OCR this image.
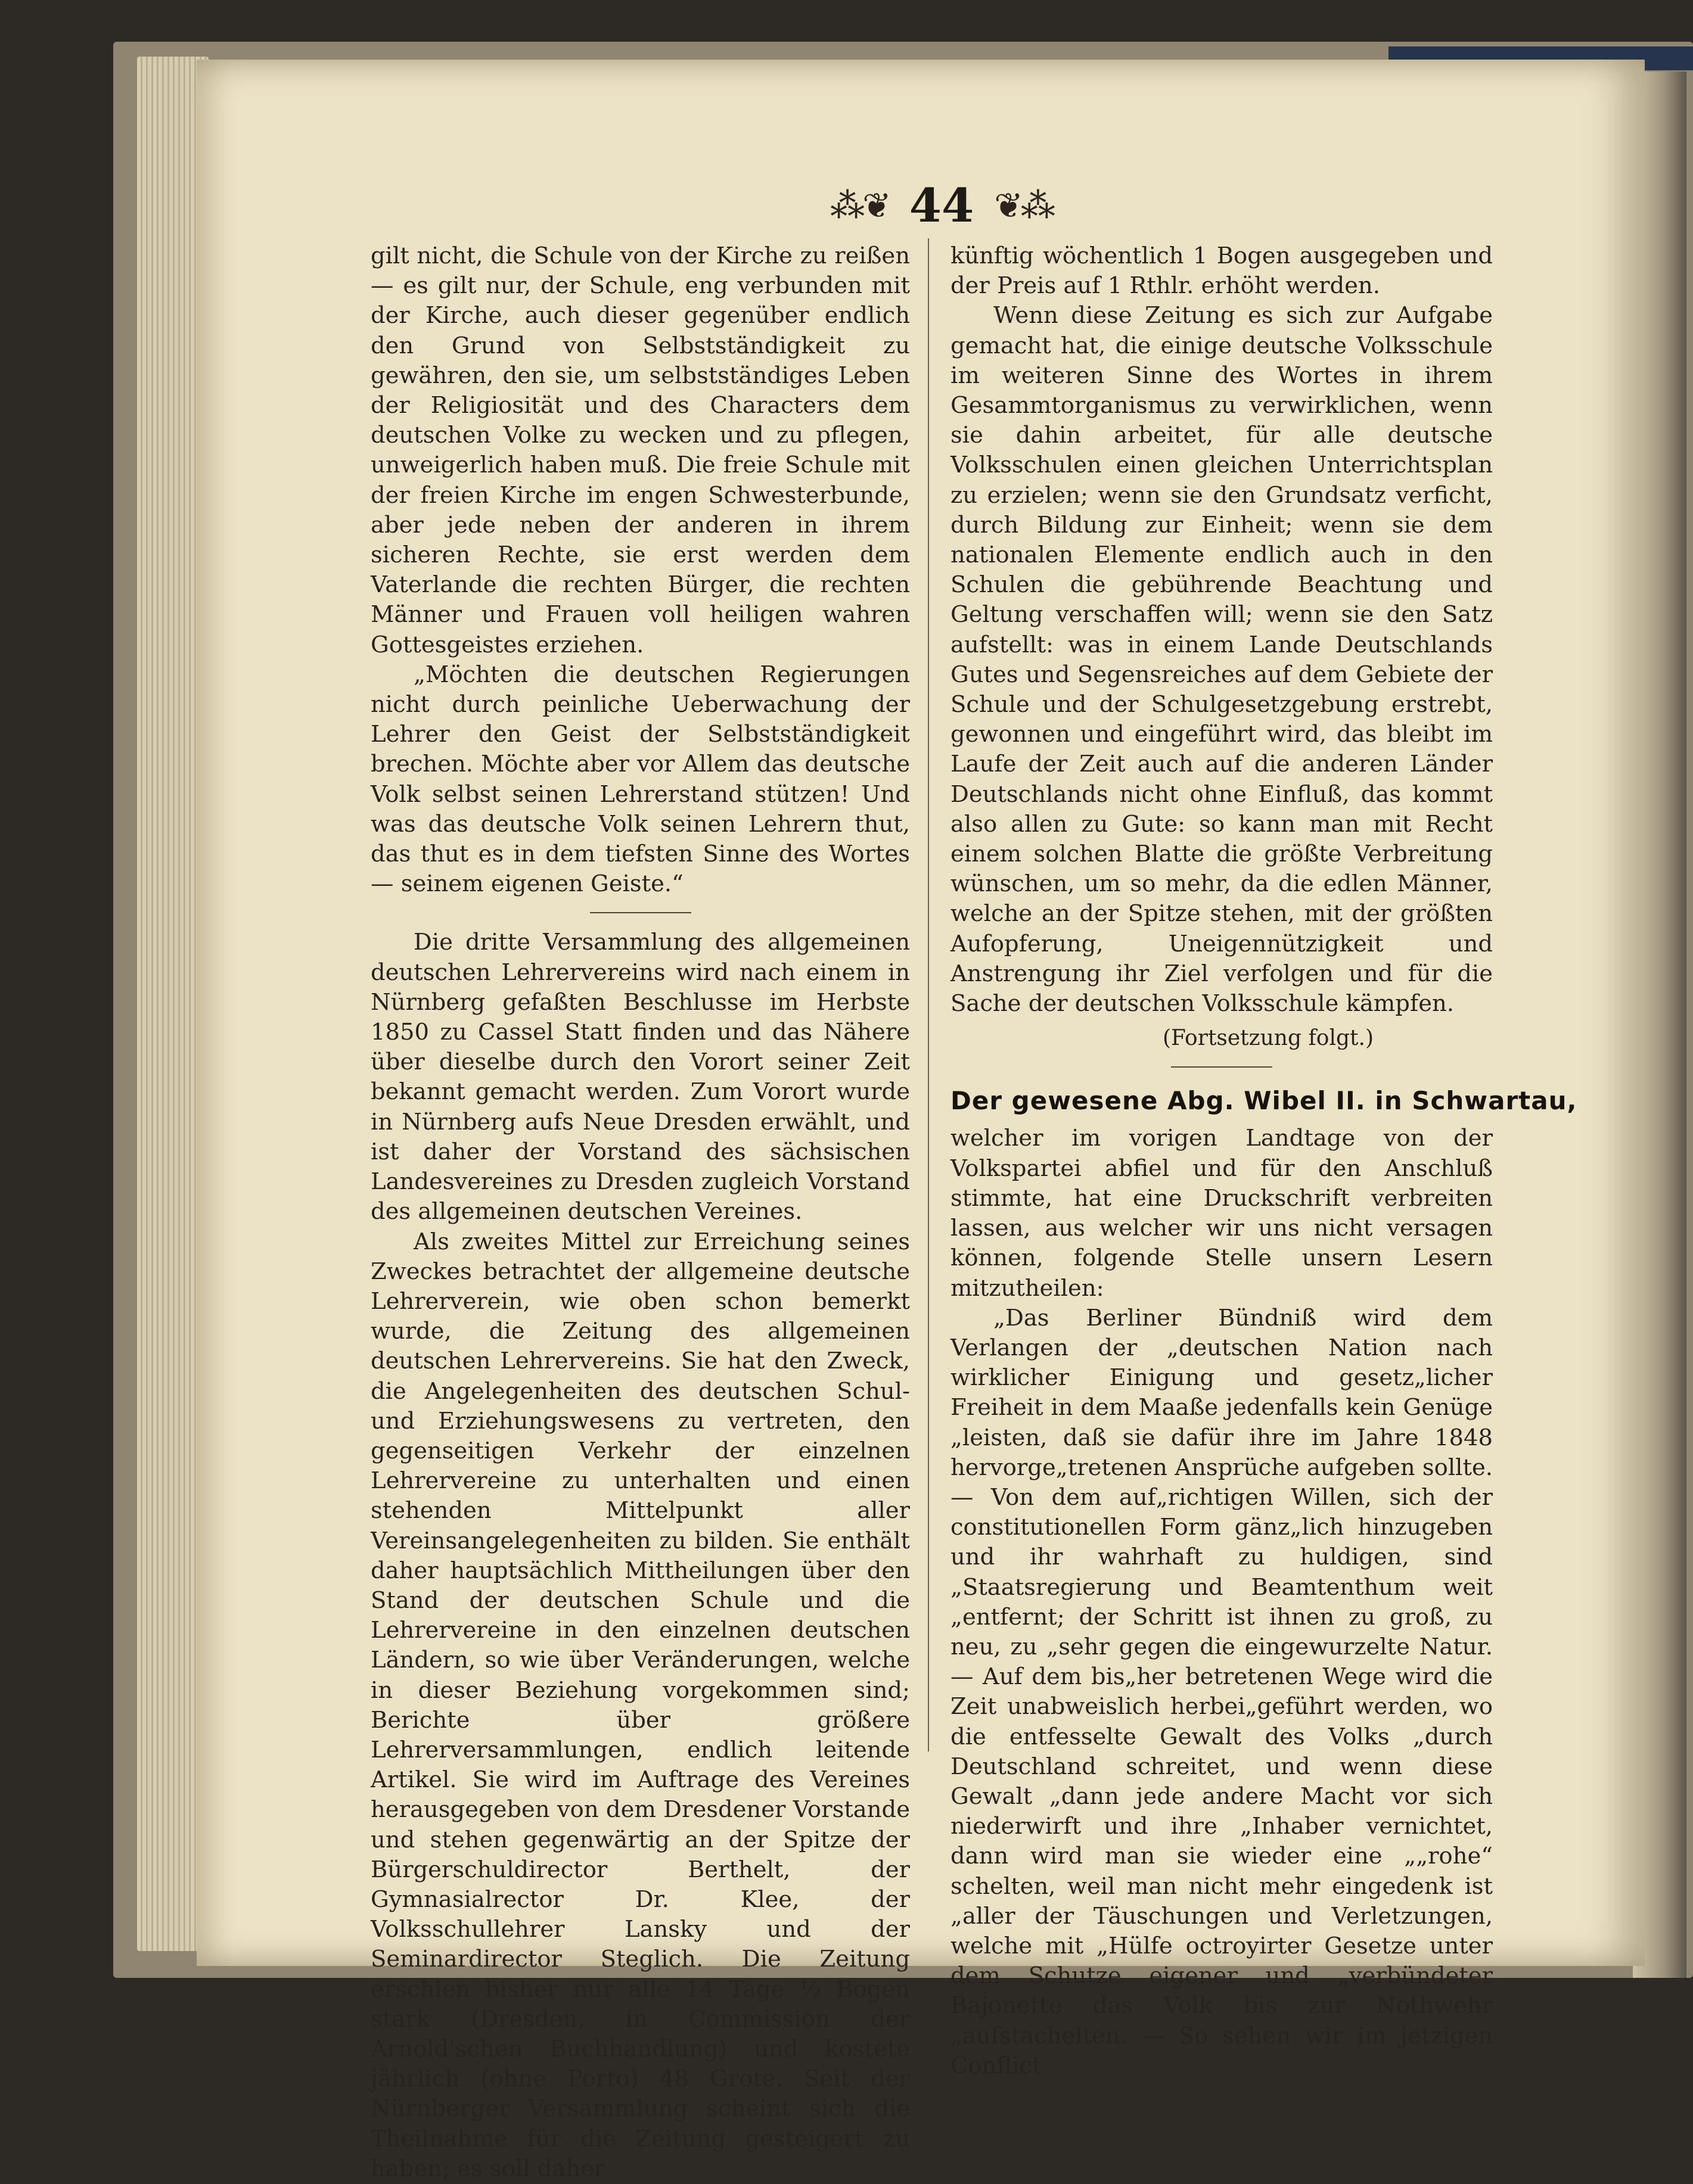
⁂❦ 44 ❦⁂

gilt nicht, die Schule von der Kirche zu reißen — es gilt nur, der Schule, eng verbunden mit der Kirche, auch dieser gegenüber endlich den Grund von Selbstständigkeit zu gewähren, den sie, um selbstständiges Leben der Religiosität und des Characters dem deutschen Volke zu wecken und zu pflegen, unweigerlich haben muß. Die freie Schule mit der freien Kirche im engen Schwesterbunde, aber jede neben der anderen in ihrem sicheren Rechte, sie erst werden dem Vaterlande die rechten Bürger, die rechten Männer und Frauen voll heiligen wahren Gottesgeistes erziehen.

„Möchten die deutschen Regierungen nicht durch peinliche Ueberwachung der Lehrer den Geist der Selbstständigkeit brechen. Möchte aber vor Allem das deutsche Volk selbst seinen Lehrerstand stützen! Und was das deutsche Volk seinen Lehrern thut, das thut es in dem tiefsten Sinne des Wortes — seinem eigenen Geiste.“

Die dritte Versammlung des allgemeinen deutschen Lehrervereins wird nach einem in Nürnberg gefaßten Beschlusse im Herbste 1850 zu Cassel Statt finden und das Nähere über dieselbe durch den Vorort seiner Zeit bekannt gemacht werden. Zum Vorort wurde in Nürnberg aufs Neue Dresden erwählt, und ist daher der Vorstand des sächsischen Landesvereines zu Dresden zugleich Vorstand des allgemeinen deutschen Vereines.

Als zweites Mittel zur Erreichung seines Zweckes betrachtet der allgemeine deutsche Lehrerverein, wie oben schon bemerkt wurde, die Zeitung des allgemeinen deutschen Lehrervereins. Sie hat den Zweck, die Angelegenheiten des deutschen Schul- und Erziehungswesens zu vertreten, den gegenseitigen Verkehr der einzelnen Lehrervereine zu unterhalten und einen stehenden Mittelpunkt aller Vereinsangelegenheiten zu bilden. Sie enthält daher hauptsächlich Mittheilungen über den Stand der deutschen Schule und die Lehrervereine in den einzelnen deutschen Ländern, so wie über Veränderungen, welche in dieser Beziehung vorgekommen sind; Berichte über größere Lehrerversammlungen, endlich leitende Artikel. Sie wird im Auftrage des Vereines herausgegeben von dem Dresdener Vorstande und stehen gegenwärtig an der Spitze der Bürgerschuldirector Berthelt, der Gymnasialrector Dr. Klee, der Volksschullehrer Lansky und der Seminardirector Steglich. Die Zeitung erschien bisher nur alle 14 Tage ½ Bogen stark (Dresden, in Commission der Arnold'schen Buchhandlung) und kostete jährlich (ohne Porto) 48 Grote. Seit der Nürnberger Versammlung scheint sich die Theilnahme für die Zeitung gesteigert zu haben; es soll daher

künftig wöchentlich 1 Bogen ausgegeben und der Preis auf 1 Rthlr. erhöht werden.

Wenn diese Zeitung es sich zur Aufgabe gemacht hat, die einige deutsche Volksschule im weiteren Sinne des Wortes in ihrem Gesammtorganismus zu verwirklichen, wenn sie dahin arbeitet, für alle deutsche Volksschulen einen gleichen Unterrichtsplan zu erzielen; wenn sie den Grundsatz verficht, durch Bildung zur Einheit; wenn sie dem nationalen Elemente endlich auch in den Schulen die gebührende Beachtung und Geltung verschaffen will; wenn sie den Satz aufstellt: was in einem Lande Deutschlands Gutes und Segensreiches auf dem Gebiete der Schule und der Schulgesetzgebung erstrebt, gewonnen und eingeführt wird, das bleibt im Laufe der Zeit auch auf die anderen Länder Deutschlands nicht ohne Einfluß, das kommt also allen zu Gute: so kann man mit Recht einem solchen Blatte die größte Verbreitung wünschen, um so mehr, da die edlen Männer, welche an der Spitze stehen, mit der größten Aufopferung, Uneigennützigkeit und Anstrengung ihr Ziel verfolgen und für die Sache der deutschen Volksschule kämpfen.

(Fortsetzung folgt.)

Der gewesene Abg. Wibel II. in Schwartau,

welcher im vorigen Landtage von der Volkspartei abfiel und für den Anschluß stimmte, hat eine Druckschrift verbreiten lassen, aus welcher wir uns nicht versagen können, folgende Stelle unsern Lesern mitzutheilen:

„Das Berliner Bündniß wird dem Verlangen der „deutschen Nation nach wirklicher Einigung und gesetz„licher Freiheit in dem Maaße jedenfalls kein Genüge „leisten, daß sie dafür ihre im Jahre 1848 hervorge„tretenen Ansprüche aufgeben sollte. — Von dem auf„richtigen Willen, sich der constitutionellen Form gänz„lich hinzugeben und ihr wahrhaft zu huldigen, sind „Staatsregierung und Beamtenthum weit „entfernt; der Schritt ist ihnen zu groß, zu neu, zu „sehr gegen die eingewurzelte Natur. — Auf dem bis„her betretenen Wege wird die Zeit unabweislich herbei„geführt werden, wo die entfesselte Gewalt des Volks „durch Deutschland schreitet, und wenn diese Gewalt „dann jede andere Macht vor sich niederwirft und ihre „Inhaber vernichtet, dann wird man sie wieder eine „„rohe“ schelten, weil man nicht mehr eingedenk ist „aller der Täuschungen und Verletzungen, welche mit „Hülfe octroyirter Gesetze unter dem Schutze eigener und „verbündeter Bajonette das Volk bis zur Nothwehr „aufstachelten. — So sehen wir im jetzigen Conflict
